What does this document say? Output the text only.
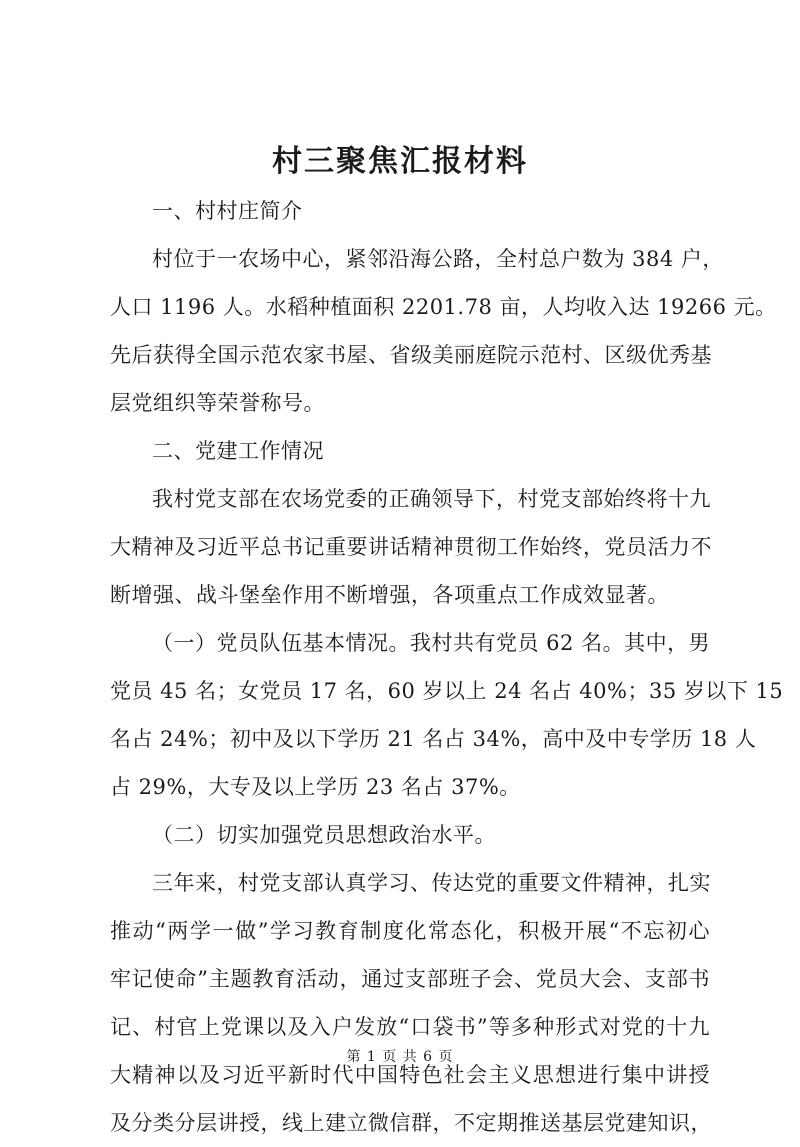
村三聚焦汇报材料
一、村村庄简介
村位于一农场中心，紧邻沿海公路，全村总户数为 384 户，
人口 1196 人。水稻种植面积 2201.78 亩，人均收入达 19266 元。
先后获得全国示范农家书屋、省级美丽庭院示范村、区级优秀基
层党组织等荣誉称号。
二、党建工作情况
我村党支部在农场党委的正确领导下，村党支部始终将十九
大精神及习近平总书记重要讲话精神贯彻工作始终，党员活力不
断增强、战斗堡垒作用不断增强，各项重点工作成效显著。
（一）党员队伍基本情况。我村共有党员 62 名。其中，男
党员 45 名；女党员 17 名，60 岁以上 24 名占 40%；35 岁以下 15
名占 24%；初中及以下学历 21 名占 34%，高中及中专学历 18 人
占 29%，大专及以上学历 23 名占 37%。
（二）切实加强党员思想政治水平。
三年来，村党支部认真学习、传达党的重要文件精神，扎实
推动“两学一做”学习教育制度化常态化，积极开展“不忘初心
牢记使命”主题教育活动，通过支部班子会、党员大会、支部书
记、村官上党课以及入户发放“口袋书”等多种形式对党的十九
大精神以及习近平新时代中国特色社会主义思想进行集中讲授
及分类分层讲授，线上建立微信群，不定期推送基层党建知识，
第 1 页 共 6 页
